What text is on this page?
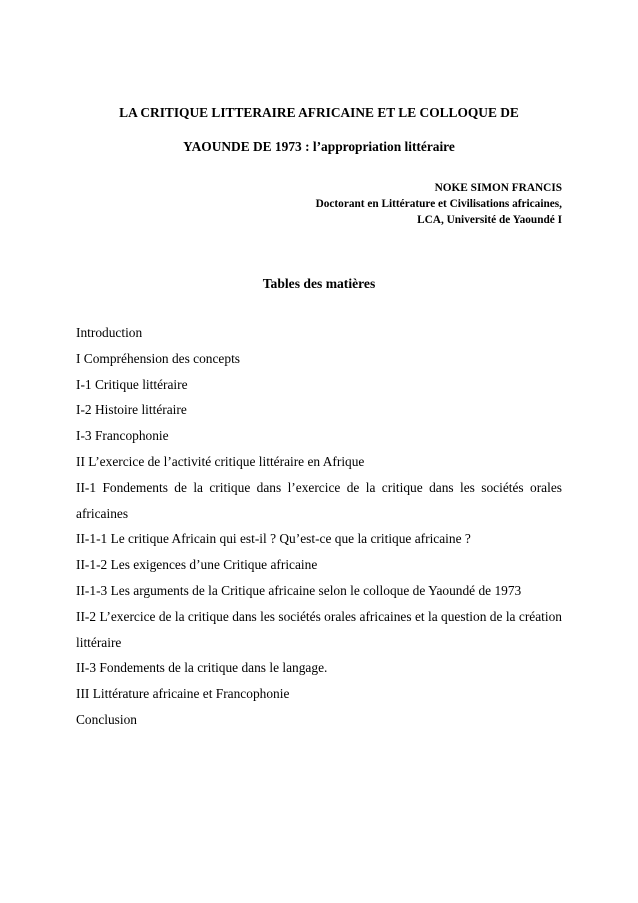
LA CRITIQUE LITTERAIRE AFRICAINE ET LE COLLOQUE DE
YAOUNDE DE 1973 : l’appropriation littéraire
NOKE SIMON FRANCIS
Doctorant en Littérature et Civilisations africaines,
LCA, Université de Yaoundé I
Tables des matières
Introduction
I Compréhension des concepts
I-1 Critique littéraire
I-2 Histoire littéraire
I-3 Francophonie
II L’exercice de l’activité critique littéraire en Afrique
II-1 Fondements de la critique dans l’exercice de la critique dans les sociétés orales africaines
II-1-1 Le critique Africain qui est-il ? Qu’est-ce que la critique africaine ?
II-1-2 Les exigences d’une Critique africaine
II-1-3 Les arguments de la Critique africaine selon le colloque de Yaoundé de 1973
II-2 L’exercice de la critique dans les sociétés orales africaines et la question de la création littéraire
II-3 Fondements de la critique dans le langage.
III Littérature africaine et Francophonie
Conclusion
